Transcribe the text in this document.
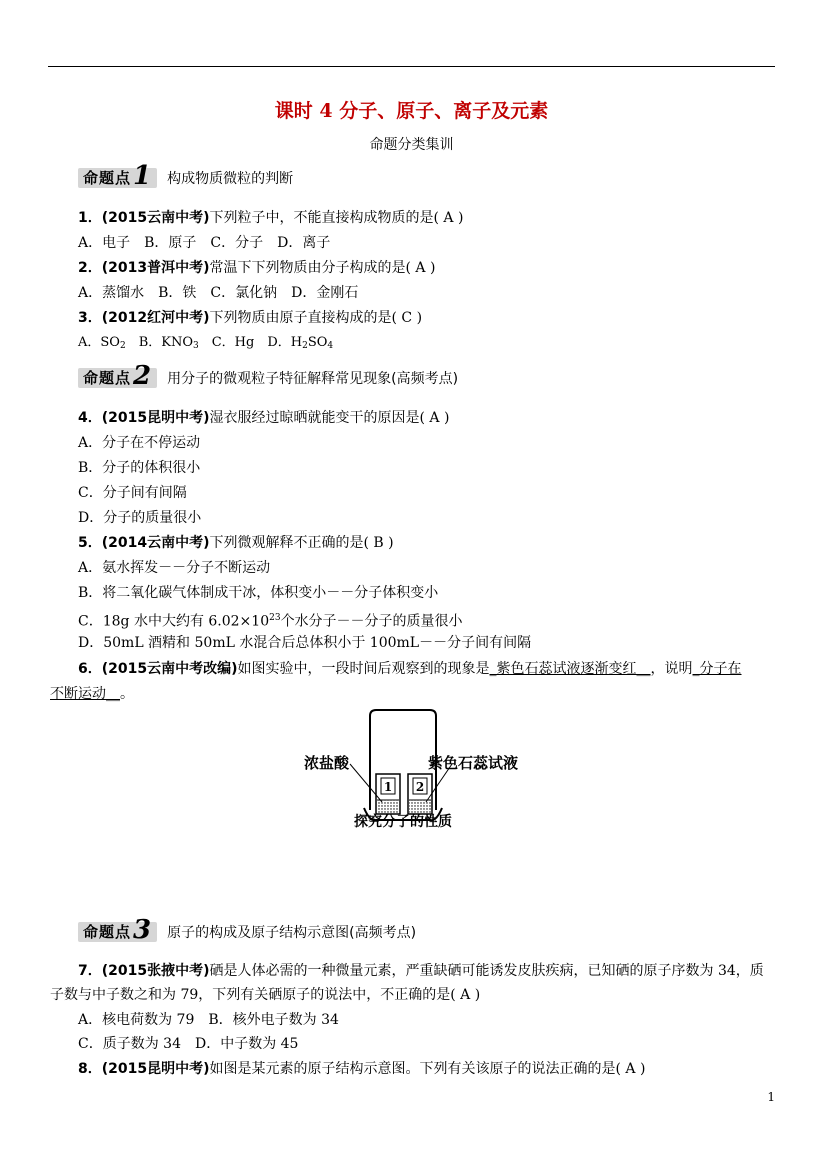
课时 4 分子、原子、离子及元素
命题分类集训
命题点 1 构成物质微粒的判断
1．(2015云南中考)下列粒子中，不能直接构成物质的是( A )
A．电子　B．原子　C．分子　D．离子
2．(2013普洱中考)常温下下列物质由分子构成的是( A )
A．蒸馏水　B．铁　C．氯化钠　D．金刚石
3．(2012红河中考)下列物质由原子直接构成的是( C )
A．$SO_2$　B．$KNO_3$　C．Hg　D．$H_2SO_4$
命题点 2 用分子的微观粒子特征解释常见现象(高频考点)
4．(2015昆明中考)湿衣服经过晾晒就能变干的原因是( A )
A．分子在不停运动
B．分子的体积很小
C．分子间有间隔
D．分子的质量很小
5．(2014云南中考)下列微观解释不正确的是( B )
A．氨水挥发－－分子不断运动
B．将二氧化碳气体制成干冰，体积变小－－分子体积变小
C．18g 水中大约有 $6.02\times 10^{23}$个水分子－－分子的质量很小
D．50mL 酒精和 50mL 水混合后总体积小于 100mL－－分子间有间隔
6．(2015云南中考改编)如图实验中，一段时间后观察到的现象是_紫色石蕊试液逐渐变红__，说明_分子在
不断运动__。
1 2
浓盐酸	紫色石蕊试液
探究分子的性质
命题点 3 原子的构成及原子结构示意图(高频考点)
7．(2015张掖中考)硒是人体必需的一种微量元素，严重缺硒可能诱发皮肤疾病，已知硒的原子序数为 34，质
子数与中子数之和为 79，下列有关硒原子的说法中，不正确的是( A )
A．核电荷数为 79　B．核外电子数为 34
C．质子数为 34　D．中子数为 45
8．(2015昆明中考)如图是某元素的原子结构示意图。下列有关该原子的说法正确的是( A )
1
